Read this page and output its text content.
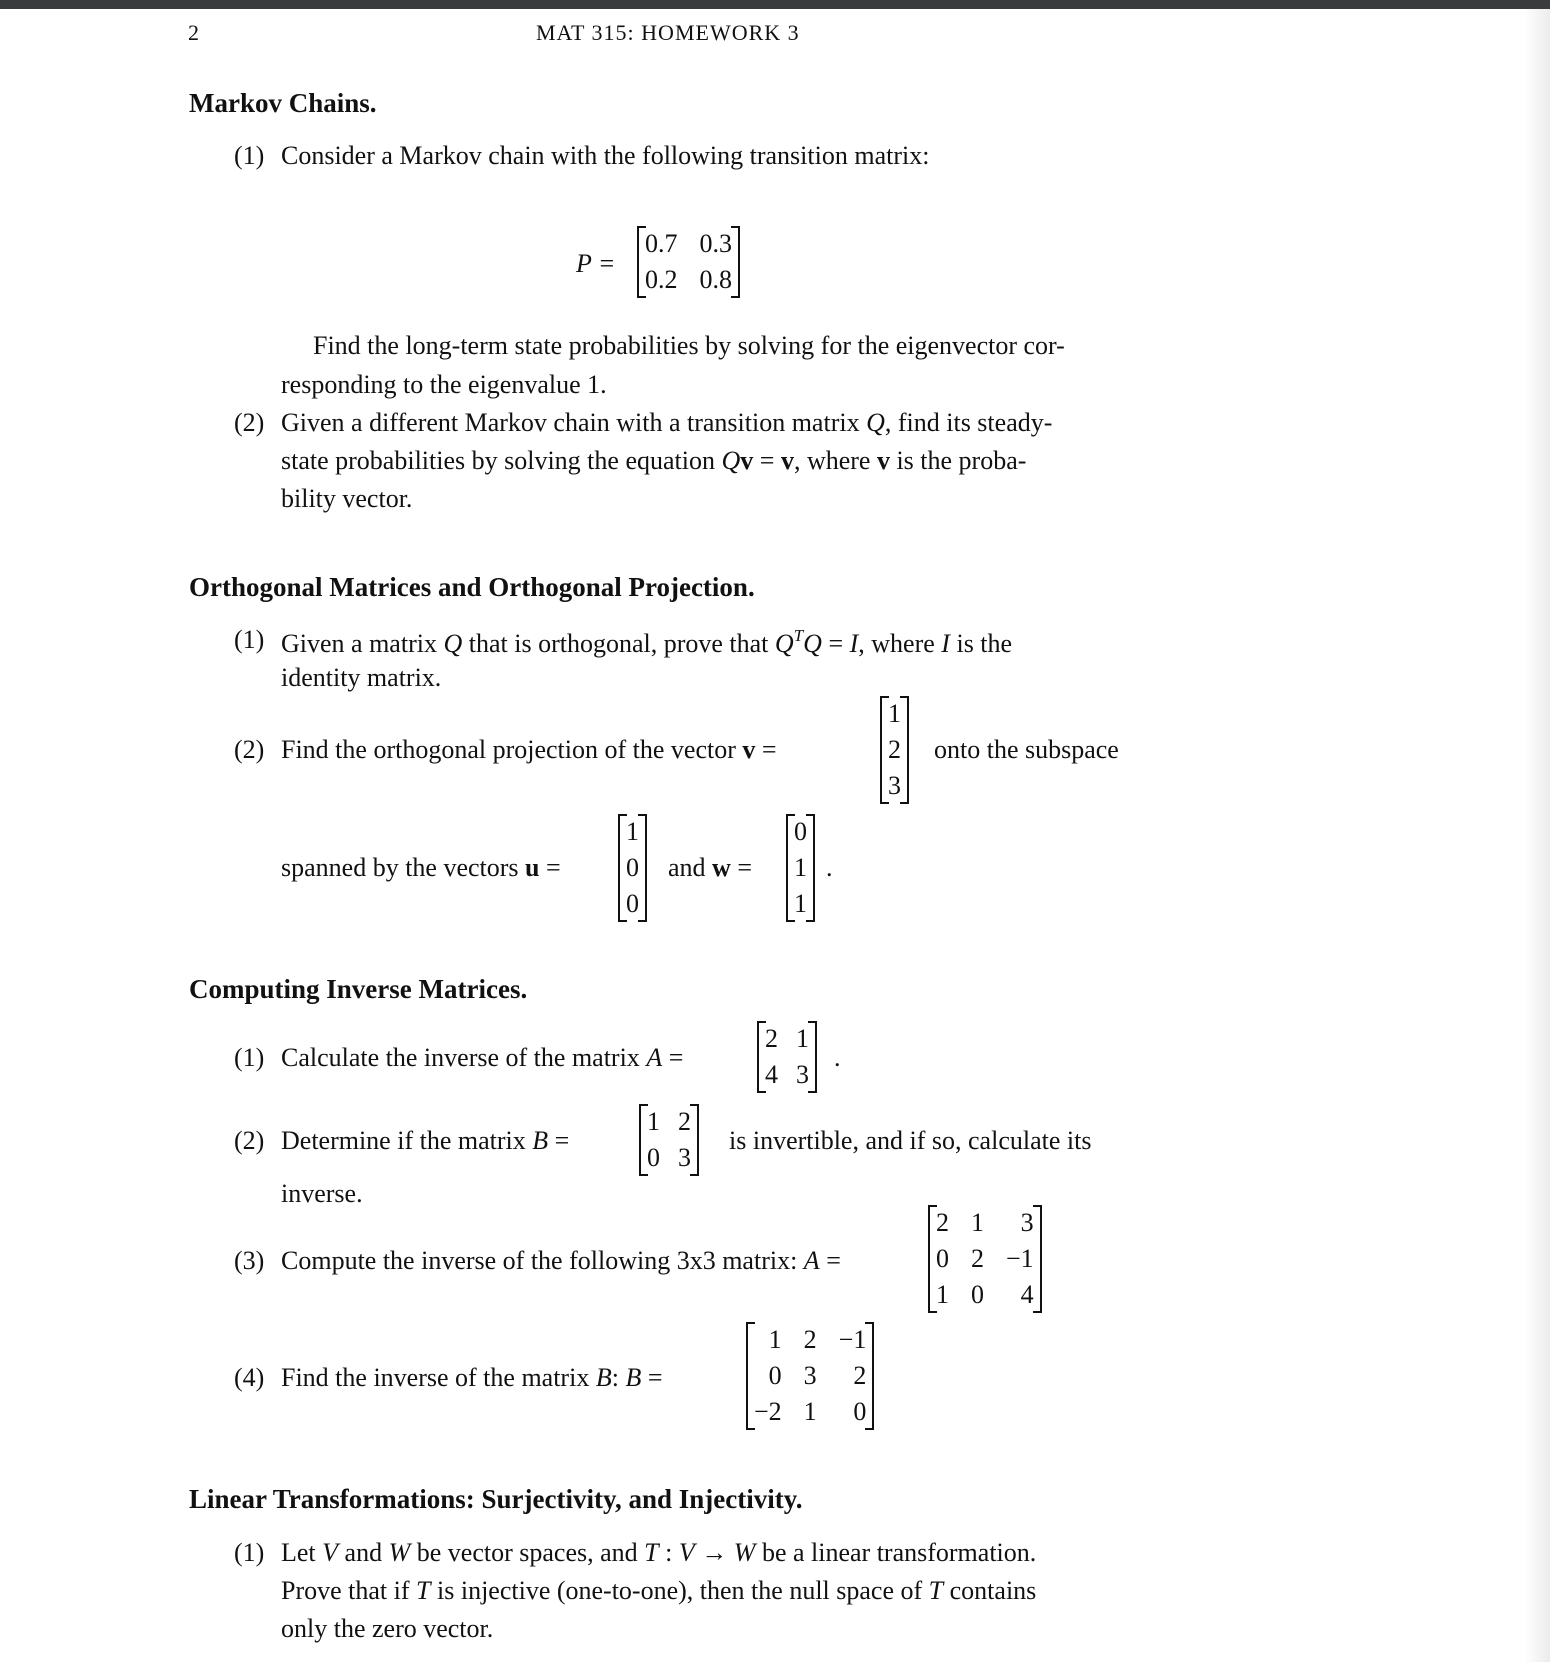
2	MAT 315: HOMEWORK 3
Markov Chains.
(1) Consider a Markov chain with the following transition matrix:
P =
0.7 0.3
0.2 0.8
Find the long-term state probabilities by solving for the eigenvector cor-
responding to the eigenvalue 1.
(2) Given a different Markov chain with a transition matrix Q, find its steady-
state probabilities by solving the equation Qv = v, where v is the proba-
bility vector.
Orthogonal Matrices and Orthogonal Projection.
(1) Given a matrix Q that is orthogonal, prove that $Q^TQ = I$, where I is the
identity matrix.
(2) Find the orthogonal projection of the vector v =
1
2
3
onto the subspace
spanned by the vectors u =
1
0
0
and w =
0
1
1
.
Computing Inverse Matrices.
(1) Calculate the inverse of the matrix A =
2 1
4 3
.
(2) Determine if the matrix B =
1 2
0 3
is invertible, and if so, calculate its
inverse.
(3) Compute the inverse of the following 3x3 matrix: A =
2 1	3
0 2 −1
1 0	4
(4) Find the inverse of the matrix B: B =
1 2 −1
0 3	2
−2 1	0
Linear Transformations: Surjectivity, and Injectivity.
(1) Let V and W be vector spaces, and T : V → W be a linear transformation.
Prove that if T is injective (one-to-one), then the null space of T contains
only the zero vector.
